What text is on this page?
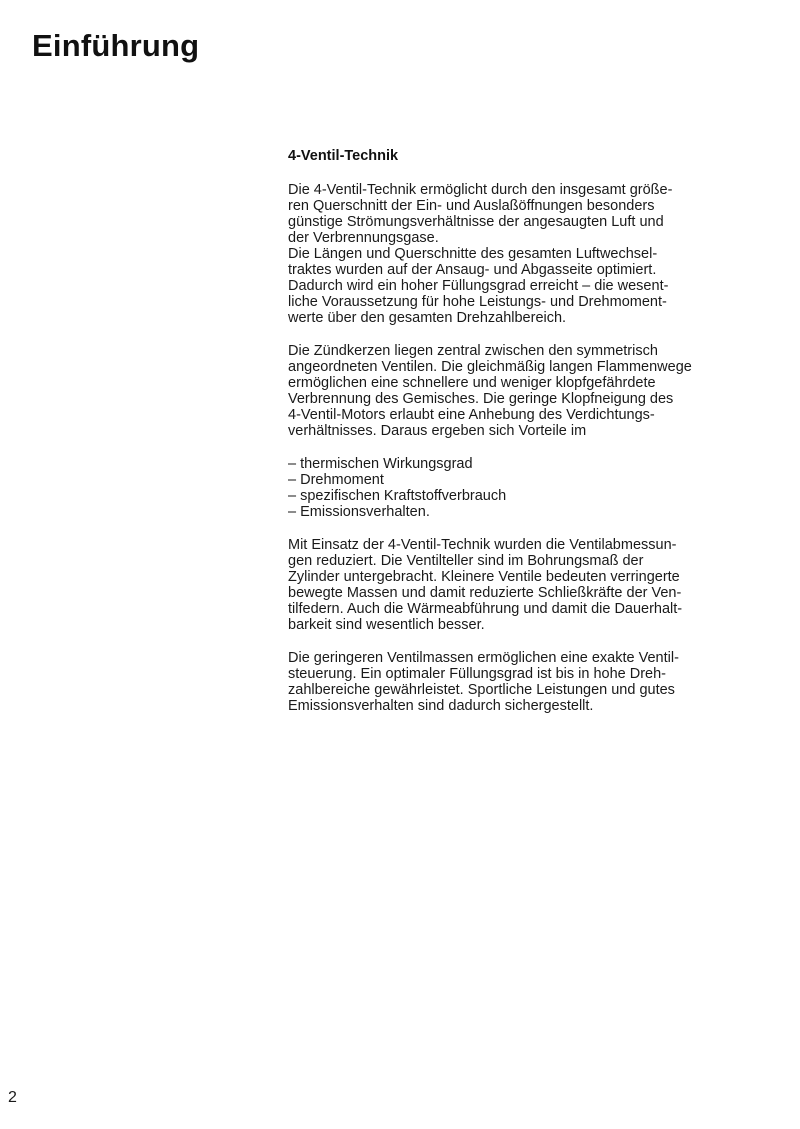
Einführung
4-Ventil-Technik
Die 4-Ventil-Technik ermöglicht durch den insgesamt größe-
ren Querschnitt der Ein- und Auslaßöffnungen besonders
günstige Strömungsverhältnisse der angesaugten Luft und
der Verbrennungsgase.
Die Längen und Querschnitte des gesamten Luftwechsel-
traktes wurden auf der Ansaug- und Abgasseite optimiert.
Dadurch wird ein hoher Füllungsgrad erreicht – die wesent-
liche Voraussetzung für hohe Leistungs- und Drehmoment-
werte über den gesamten Drehzahlbereich.
Die Zündkerzen liegen zentral zwischen den symmetrisch
angeordneten Ventilen. Die gleichmäßig langen Flammenwege
ermöglichen eine schnellere und weniger klopfgefährdete
Verbrennung des Gemisches. Die geringe Klopfneigung des
4-Ventil-Motors erlaubt eine Anhebung des Verdichtungs-
verhältnisses. Daraus ergeben sich Vorteile im
– thermischen Wirkungsgrad
– Drehmoment
– spezifischen Kraftstoffverbrauch
– Emissionsverhalten.
Mit Einsatz der 4-Ventil-Technik wurden die Ventilabmessun-
gen reduziert. Die Ventilteller sind im Bohrungsmaß der
Zylinder untergebracht. Kleinere Ventile bedeuten verringerte
bewegte Massen und damit reduzierte Schließkräfte der Ven-
tilfedern. Auch die Wärmeabführung und damit die Dauerhalt-
barkeit sind wesentlich besser.
Die geringeren Ventilmassen ermöglichen eine exakte Ventil-
steuerung. Ein optimaler Füllungsgrad ist bis in hohe Dreh-
zahlbereiche gewährleistet. Sportliche Leistungen und gutes
Emissionsverhalten sind dadurch sichergestellt.

2
